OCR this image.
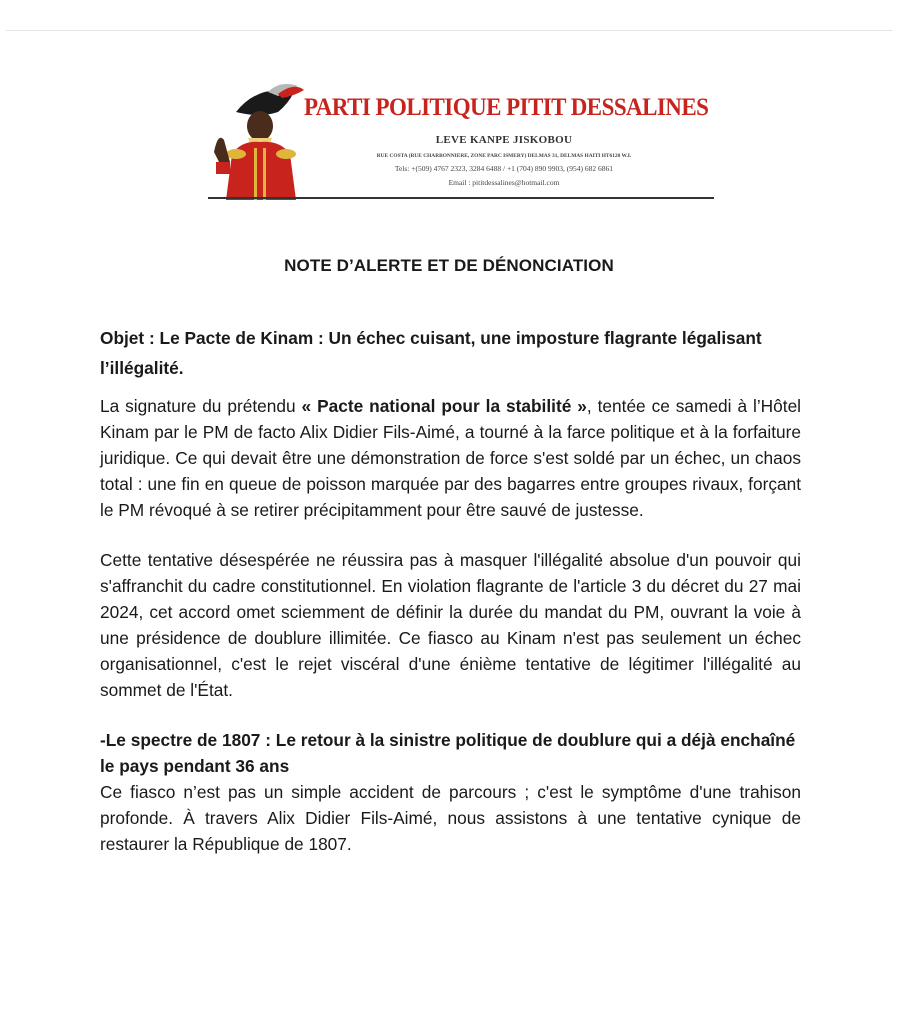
PARTI POLITIQUE PITIT DESSALINES
LEVE KANPE JISKOBOU
RUE COSTA (RUE CHARBONNIÈRE, ZONE PARC ISMERY) DELMAS 31, DELMAS HAÏTI HT6120 W.I.
Tels: +(509) 4767 2323, 3284 6488 / +1 (704) 890 9903, (954) 682 6861
Email : pititdessalines@hotmail.com
NOTE D’ALERTE ET DE DÉNONCIATION

Objet : Le Pacte de Kinam : Un échec cuisant, une imposture flagrante légalisant l’illégalité.

La signature du prétendu « Pacte national pour la stabilité », tentée ce samedi à l’Hôtel Kinam par le PM de facto Alix Didier Fils-Aimé, a tourné à la farce politique et à la forfaiture juridique. Ce qui devait être une démonstration de force s'est soldé par un échec, un chaos total : une fin en queue de poisson marquée par des bagarres entre groupes rivaux, forçant le PM révoqué à se retirer précipitamment pour être sauvé de justesse.

Cette tentative désespérée ne réussira pas à masquer l'illégalité absolue d'un pouvoir qui s'affranchit du cadre constitutionnel. En violation flagrante de l'article 3 du décret du 27 mai 2024, cet accord omet sciemment de définir la durée du mandat du PM, ouvrant la voie à une présidence de doublure illimitée. Ce fiasco au Kinam n'est pas seulement un échec organisationnel, c'est le rejet viscéral d'une énième tentative de légitimer l'illégalité au sommet de l'État.

-Le spectre de 1807 : Le retour à la sinistre politique de doublure qui a déjà enchaîné le pays pendant 36 ans

Ce fiasco n’est pas un simple accident de parcours ; c'est le symptôme d'une trahison profonde. À travers Alix Didier Fils-Aimé, nous assistons à une tentative cynique de restaurer la République de 1807.
